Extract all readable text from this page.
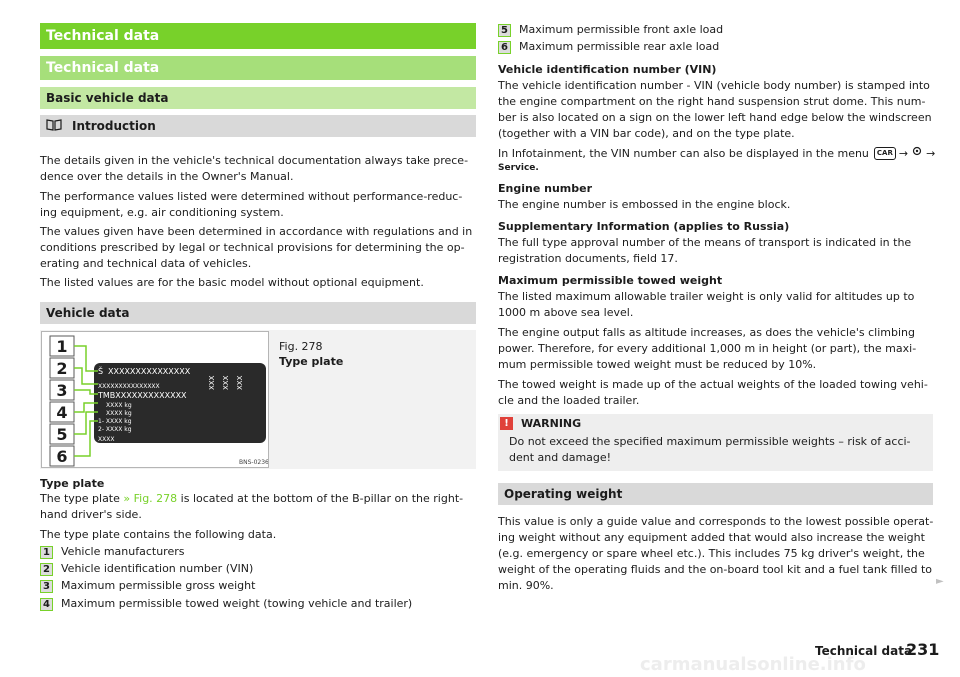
Technical data
Technical data
Basic vehicle data
Introduction
The details given in the vehicle's technical documentation always take prece-
dence over the details in the Owner's Manual.
The performance values listed were determined without performance-reduc-
ing equipment, e.g. air conditioning system.
The values given have been determined in accordance with regulations and in
conditions prescribed by legal or technical provisions for determining the op-
erating and technical data of vehicles.
The listed values are for the basic model without optional equipment.
Vehicle data
1
2
3
4
5
6
Š XXXXXXXXXXXXXXX
XXXXXXXXXXXXXXX
TMBXXXXXXXXXXXXX
XXXX kg
XXXX kg
1- XXXX kg
2- XXXX kg
XXXX
XXX XXX XXX
BNS-0236
Fig. 278
Type plate
Type plate
The type plate » Fig. 278 is located at the bottom of the B-pillar on the right-
hand driver's side.
The type plate contains the following data.
1 Vehicle manufacturers
2 Vehicle identification number (VIN)
3 Maximum permissible gross weight
4 Maximum permissible towed weight (towing vehicle and trailer)
5 Maximum permissible front axle load
6 Maximum permissible rear axle load
Vehicle identification number (VIN)
The vehicle identification number - VIN (vehicle body number) is stamped into
the engine compartment on the right hand suspension strut dome. This num-
ber is also located on a sign on the lower left hand edge below the windscreen
(together with a VIN bar code), and on the type plate.
In Infotainment, the VIN number can also be displayed in the menu	CAR → →
Service.
Engine number
The engine number is embossed in the engine block.
Supplementary Information (applies to Russia)
The full type approval number of the means of transport is indicated in the
registration documents, field 17.
Maximum permissible towed weight
The listed maximum allowable trailer weight is only valid for altitudes up to
1000 m above sea level.
The engine output falls as altitude increases, as does the vehicle's climbing
power. Therefore, for every additional 1,000 m in height (or part), the maxi-
mum permissible towed weight must be reduced by 10%.
The towed weight is made up of the actual weights of the loaded towing vehi-
cle and the loaded trailer.
!	WARNING
Do not exceed the specified maximum permissible weights – risk of acci-
dent and damage!
Operating weight
This value is only a guide value and corresponds to the lowest possible operat-
ing weight without any equipment added that would also increase the weight
(e.g. emergency or spare wheel etc.). This includes 75 kg driver's weight, the
weight of the operating fluids and the on-board tool kit and a fuel tank filled to
min. 90%.	►
Technical data
231
carmanualsonline.info
